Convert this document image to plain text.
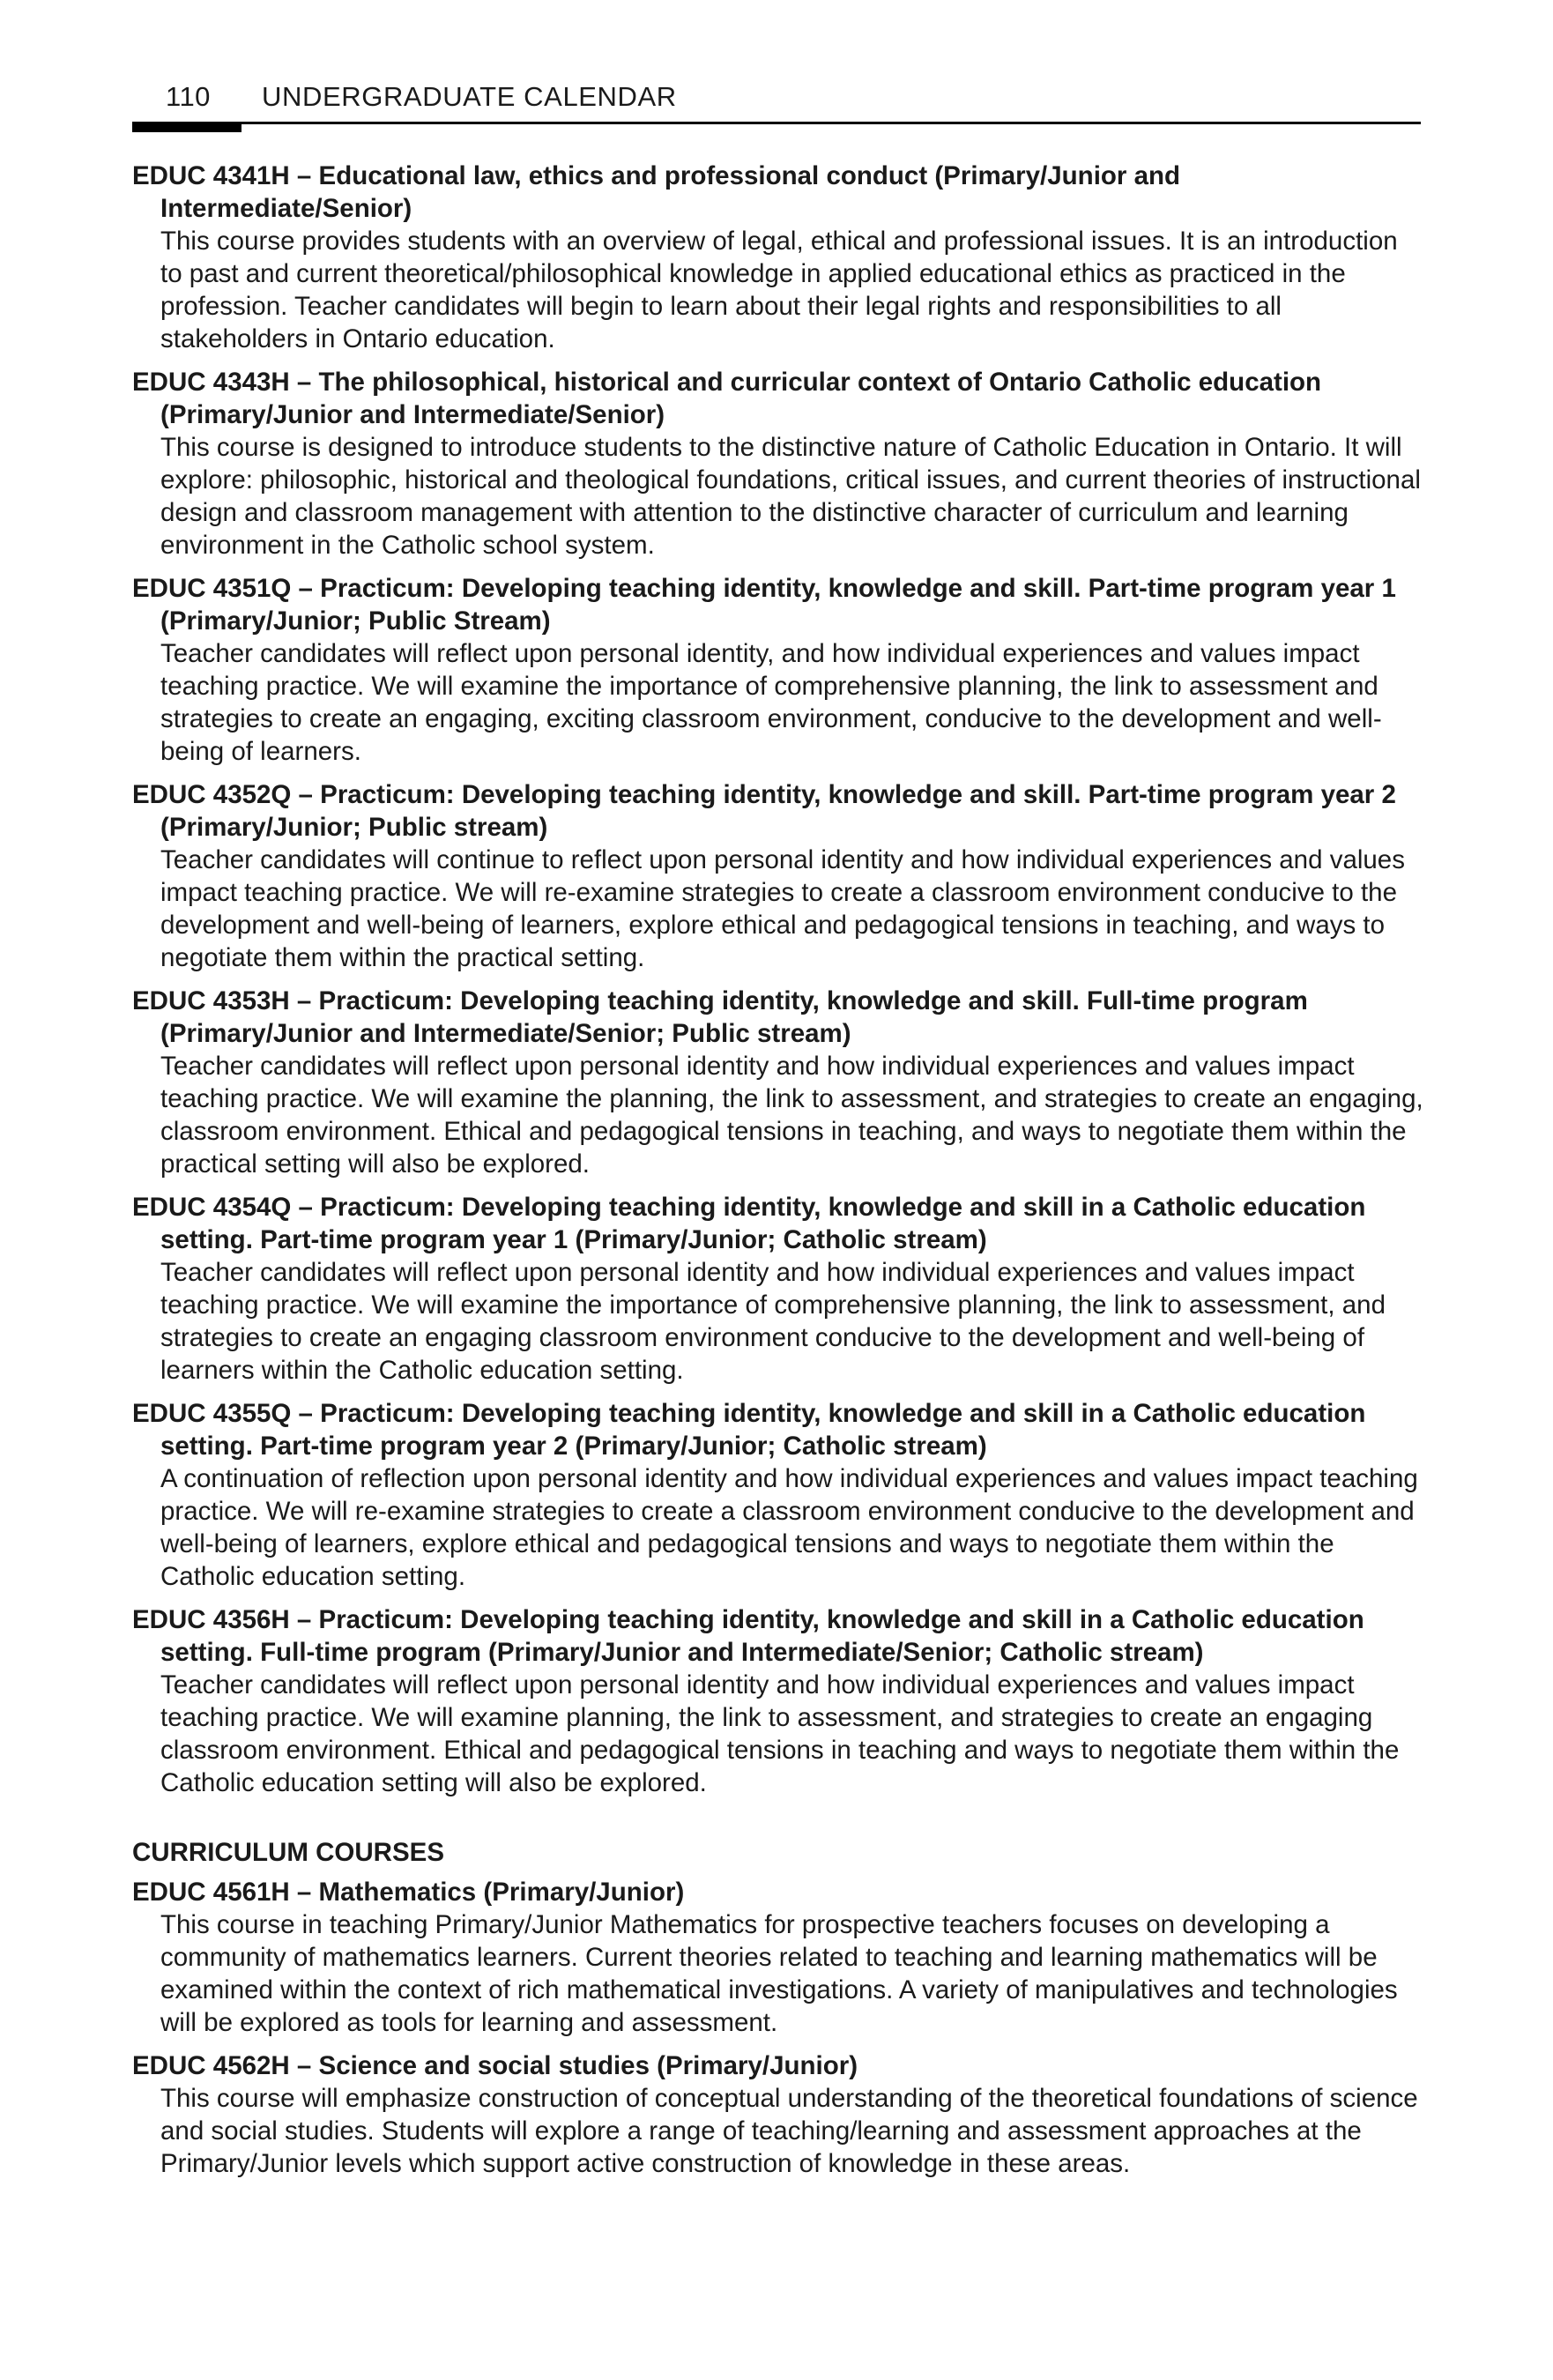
110 UNDERGRADUATE CALENDAR

EDUC 4341H – Educational law, ethics and professional conduct (Primary/Junior and Intermediate/Senior)

This course provides students with an overview of legal, ethical and professional issues. It is an introduction to past and current theoretical/philosophical knowledge in applied educational ethics as practiced in the profession. Teacher candidates will begin to learn about their legal rights and responsibilities to all stakeholders in Ontario education.

EDUC 4343H – The philosophical, historical and curricular context of Ontario Catholic education (Primary/Junior and Intermediate/Senior)

This course is designed to introduce students to the distinctive nature of Catholic Education in Ontario. It will explore: philosophic, historical and theological foundations, critical issues, and current theories of instructional design and classroom management with attention to the distinctive character of curriculum and learning environment in the Catholic school system.

EDUC 4351Q – Practicum: Developing teaching identity, knowledge and skill. Part-time program year 1 (Primary/Junior; Public Stream)

Teacher candidates will reflect upon personal identity, and how individual experiences and values impact teaching practice. We will examine the importance of comprehensive planning, the link to assessment and strategies to create an engaging, exciting classroom environment, conducive to the development and well-being of learners.

EDUC 4352Q – Practicum: Developing teaching identity, knowledge and skill. Part-time program year 2 (Primary/Junior; Public stream)

Teacher candidates will continue to reflect upon personal identity and how individual experiences and values impact teaching practice. We will re-examine strategies to create a classroom environment conducive to the development and well-being of learners, explore ethical and pedagogical tensions in teaching, and ways to negotiate them within the practical setting.

EDUC 4353H – Practicum: Developing teaching identity, knowledge and skill. Full-time program (Primary/Junior and Intermediate/Senior; Public stream)

Teacher candidates will reflect upon personal identity and how individual experiences and values impact teaching practice. We will examine the planning, the link to assessment, and strategies to create an engaging, classroom environment. Ethical and pedagogical tensions in teaching, and ways to negotiate them within the practical setting will also be explored.

EDUC 4354Q – Practicum: Developing teaching identity, knowledge and skill in a Catholic education setting. Part-time program year 1 (Primary/Junior; Catholic stream)

Teacher candidates will reflect upon personal identity and how individual experiences and values impact teaching practice. We will examine the importance of comprehensive planning, the link to assessment, and strategies to create an engaging classroom environment conducive to the development and well-being of learners within the Catholic education setting.

EDUC 4355Q – Practicum: Developing teaching identity, knowledge and skill in a Catholic education setting. Part-time program year 2 (Primary/Junior; Catholic stream)

A continuation of reflection upon personal identity and how individual experiences and values impact teaching practice. We will re-examine strategies to create a classroom environment conducive to the development and well-being of learners, explore ethical and pedagogical tensions and ways to negotiate them within the Catholic education setting.

EDUC 4356H – Practicum: Developing teaching identity, knowledge and skill in a Catholic education setting. Full-time program (Primary/Junior and Intermediate/Senior; Catholic stream)

Teacher candidates will reflect upon personal identity and how individual experiences and values impact teaching practice. We will examine planning, the link to assessment, and strategies to create an engaging classroom environment. Ethical and pedagogical tensions in teaching and ways to negotiate them within the Catholic education setting will also be explored.

CURRICULUM COURSES

EDUC 4561H – Mathematics (Primary/Junior)

This course in teaching Primary/Junior Mathematics for prospective teachers focuses on developing a community of mathematics learners. Current theories related to teaching and learning mathematics will be examined within the context of rich mathematical investigations. A variety of manipulatives and technologies will be explored as tools for learning and assessment.

EDUC 4562H – Science and social studies (Primary/Junior)

This course will emphasize construction of conceptual understanding of the theoretical foundations of science and social studies. Students will explore a range of teaching/learning and assessment approaches at the Primary/Junior levels which support active construction of knowledge in these areas.
